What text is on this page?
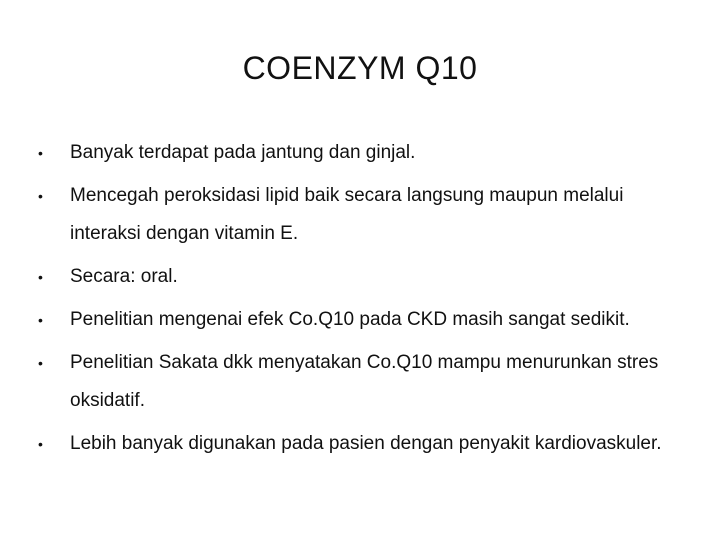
COENZYM Q10
•	Banyak terdapat pada jantung dan ginjal.
•	Mencegah peroksidasi lipid baik secara langsung maupun melalui interaksi dengan vitamin E.
•	Secara: oral.
•	Penelitian mengenai efek Co.Q10 pada CKD masih sangat sedikit.
•	Penelitian Sakata dkk menyatakan Co.Q10 mampu menurunkan stres oksidatif.
•	Lebih banyak digunakan pada pasien dengan penyakit kardiovaskuler.
